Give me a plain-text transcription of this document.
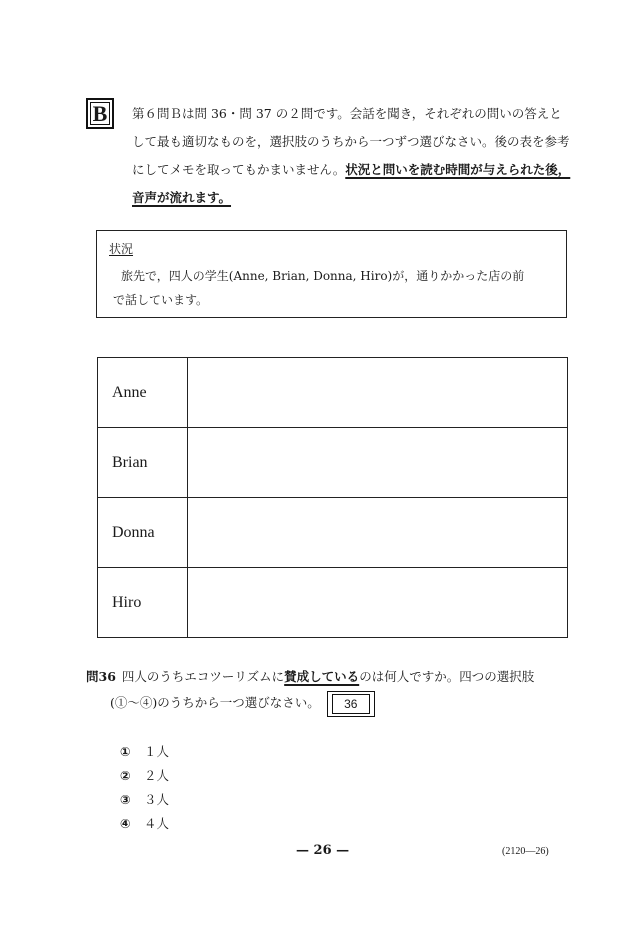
B	第６問Ｂは問 36・問 37 の２問です。会話を聞き，それぞれの問いの答えと
して最も適切なものを，選択肢のうちから一つずつ選びなさい。後の表を参考
にしてメモを取ってもかまいません。状況と問いを読む時間が与えられた後，
音声が流れます。
状況
旅先で，四人の学生(Anne, Brian, Donna, Hiro)が，通りかかった店の前
で話しています。
Anne	
Brian	
Donna	
Hiro	
問36 四人のうちエコツーリズムに賛成しているのは何人ですか。四つの選択肢
(①〜④)のうちから一つ選びなさい。 36
① １人
② ２人
③ ３人
④ ４人
— 26 —	(2120—26)
